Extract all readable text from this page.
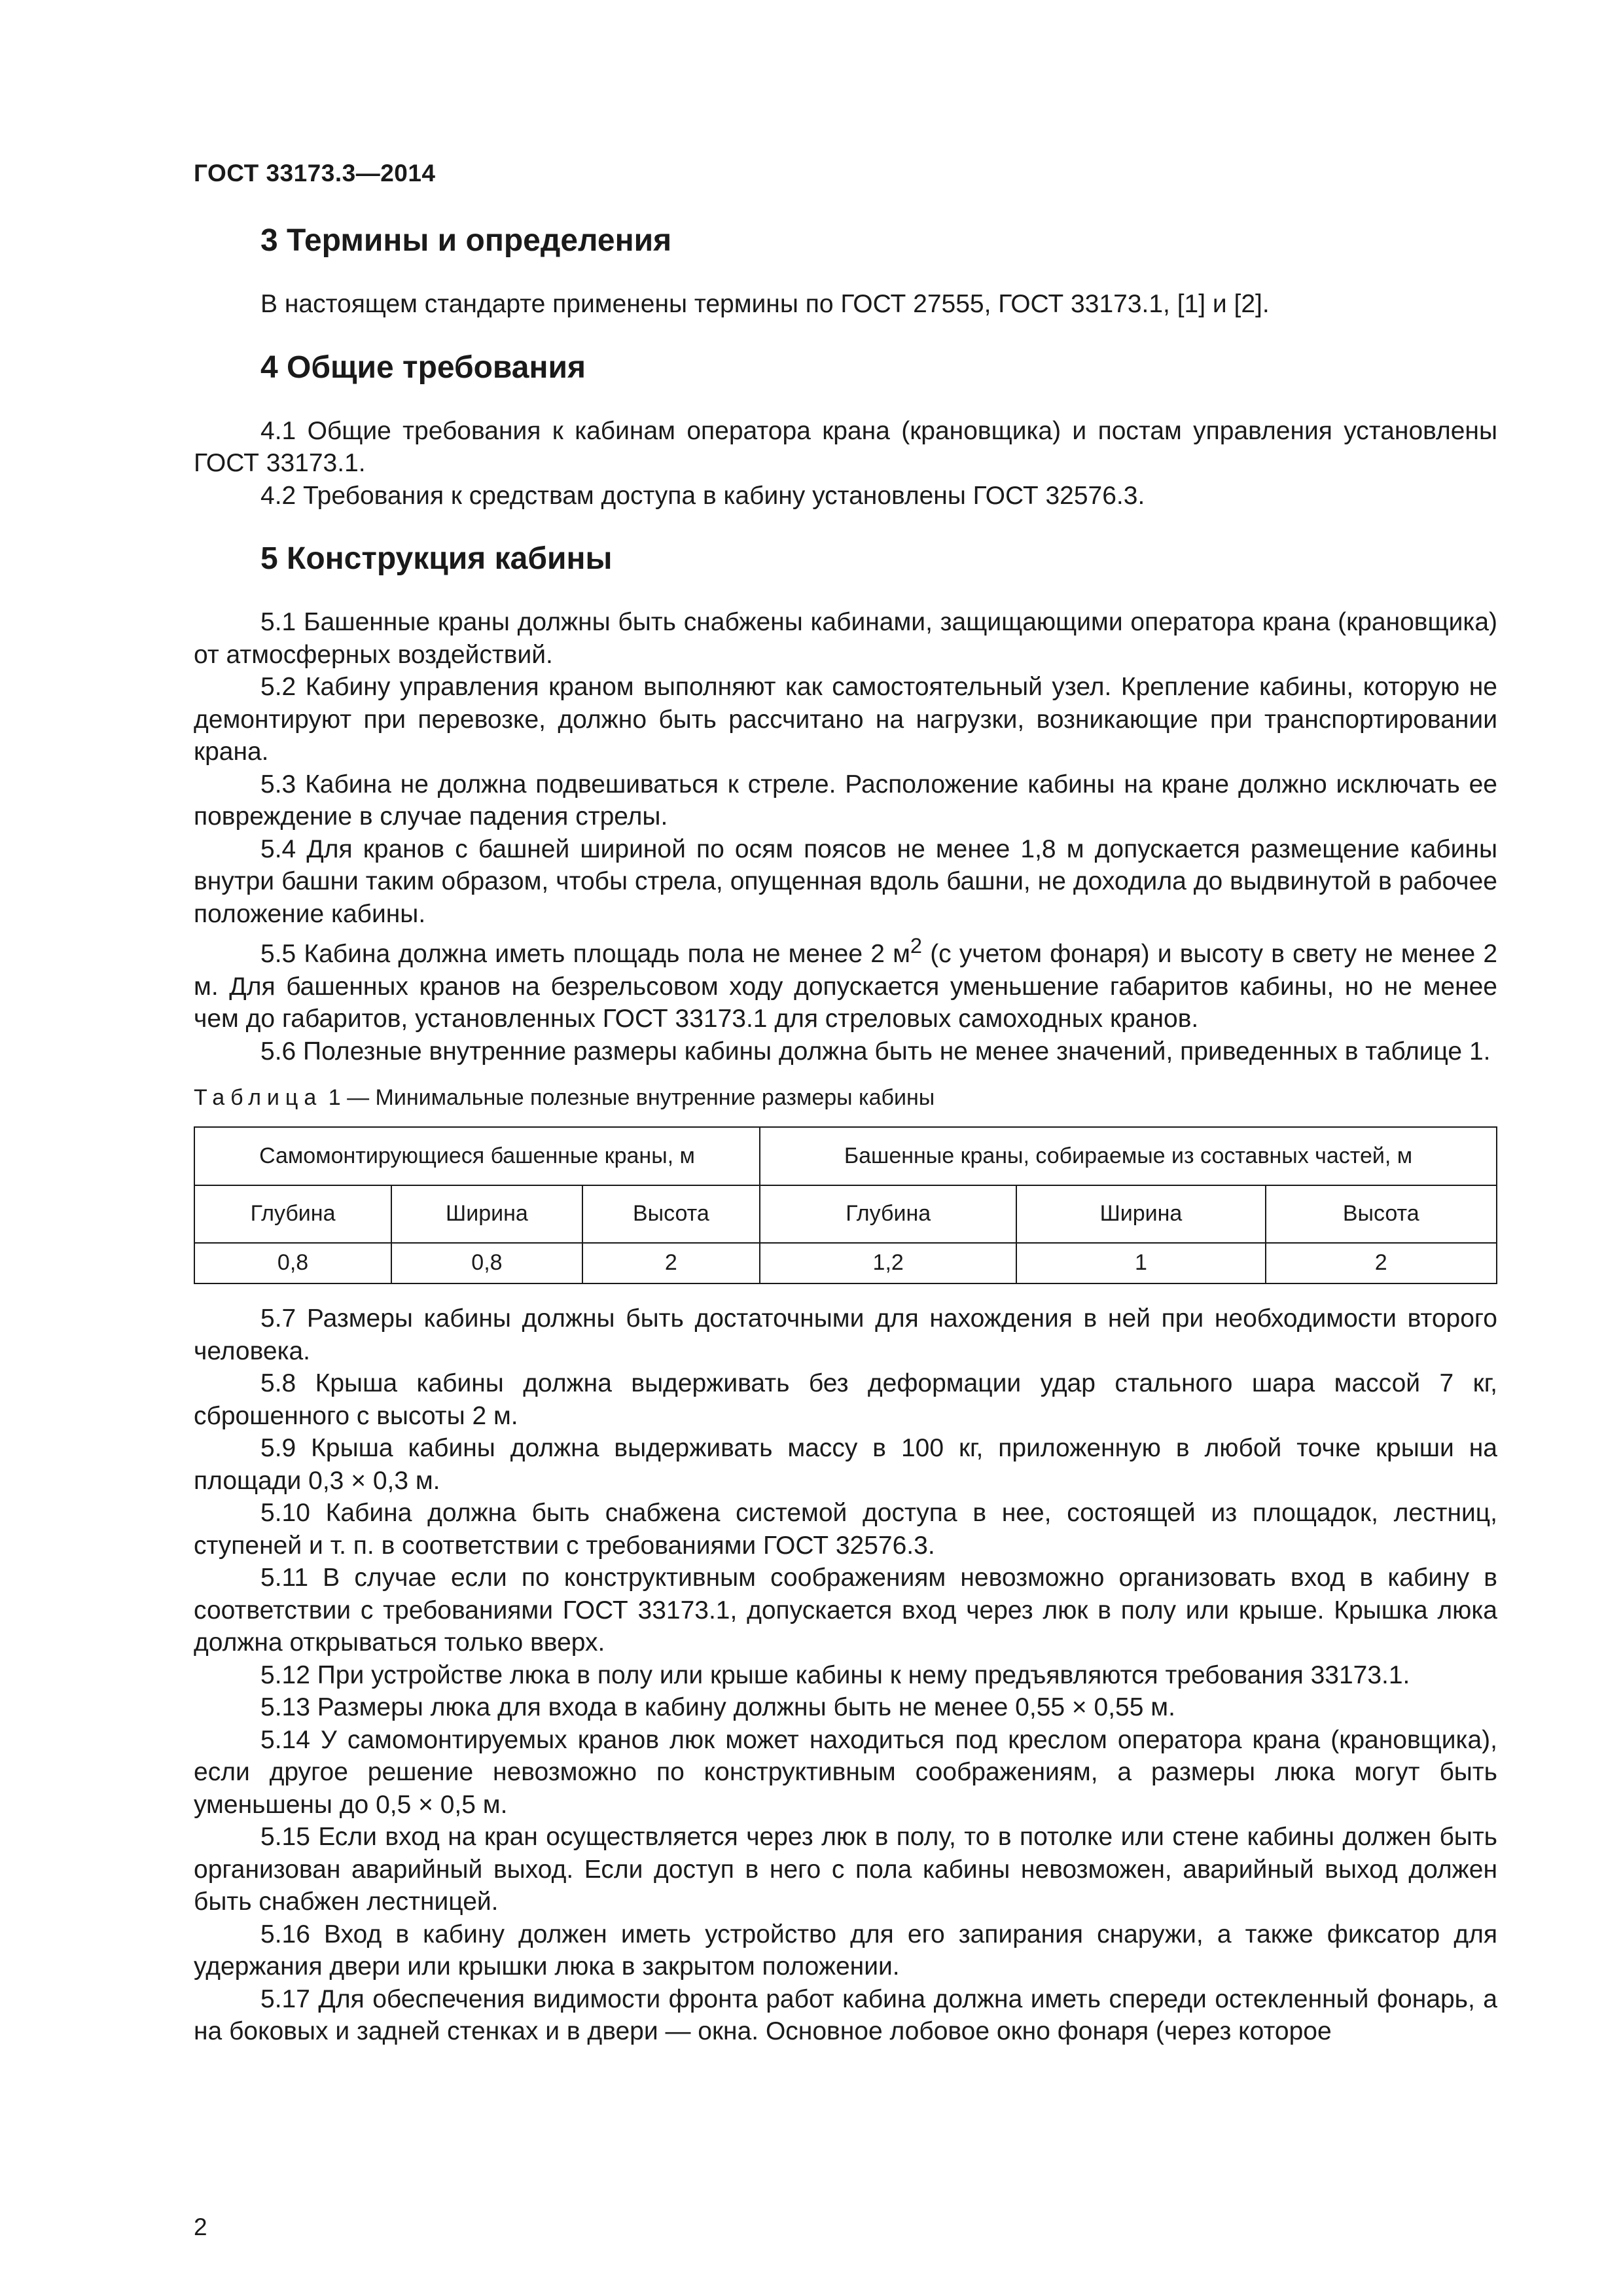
ГОСТ 33173.3—2014
3 Термины и определения

В настоящем стандарте применены термины по ГОСТ 27555, ГОСТ 33173.1, [1] и [2].

4 Общие требования

4.1 Общие требования к кабинам оператора крана (крановщика) и постам управления установлены ГОСТ 33173.1.

4.2 Требования к средствам доступа в кабину установлены ГОСТ 32576.3.

5 Конструкция кабины

5.1 Башенные краны должны быть снабжены кабинами, защищающими оператора крана (крановщика) от атмосферных воздействий.

5.2 Кабину управления краном выполняют как самостоятельный узел. Крепление кабины, которую не демонтируют при перевозке, должно быть рассчитано на нагрузки, возникающие при транспортировании крана.

5.3 Кабина не должна подвешиваться к стреле. Расположение кабины на кране должно исключать ее повреждение в случае падения стрелы.

5.4 Для кранов с башней шириной по осям поясов не менее 1,8 м допускается размещение кабины внутри башни таким образом, чтобы стрела, опущенная вдоль башни, не доходила до выдвинутой в рабочее положение кабины.

5.5 Кабина должна иметь площадь пола не менее 2 $м^2$ (с учетом фонаря) и высоту в свету не менее 2 м. Для башенных кранов на безрельсовом ходу допускается уменьшение габаритов кабины, но не менее чем до габаритов, установленных ГОСТ 33173.1 для стреловых самоходных кранов.

5.6 Полезные внутренние размеры кабины должна быть не менее значений, приведенных в таблице 1.

Таблица 1 — Минимальные полезные внутренние размеры кабины
Самомонтирующиеся башенные краны, м			Башенные краны, собираемые из составных частей, м		
Глубина	Ширина	Высота	Глубина	Ширина	Высота
0,8	0,8	2	1,2	1	2

5.7 Размеры кабины должны быть достаточными для нахождения в ней при необходимости второго человека.

5.8 Крыша кабины должна выдерживать без деформации удар стального шара массой 7 кг, сброшенного с высоты 2 м.

5.9 Крыша кабины должна выдерживать массу в 100 кг, приложенную в любой точке крыши на площади 0,3 × 0,3 м.

5.10 Кабина должна быть снабжена системой доступа в нее, состоящей из площадок, лестниц, ступеней и т. п. в соответствии с требованиями ГОСТ 32576.3.

5.11 В случае если по конструктивным соображениям невозможно организовать вход в кабину в соответствии с требованиями ГОСТ 33173.1, допускается вход через люк в полу или крыше. Крышка люка должна открываться только вверх.

5.12 При устройстве люка в полу или крыше кабины к нему предъявляются требования 33173.1.

5.13 Размеры люка для входа в кабину должны быть не менее 0,55 × 0,55 м.

5.14 У самомонтируемых кранов люк может находиться под креслом оператора крана (крановщика), если другое решение невозможно по конструктивным соображениям, а размеры люка могут быть уменьшены до 0,5 × 0,5 м.

5.15 Если вход на кран осуществляется через люк в полу, то в потолке или стене кабины должен быть организован аварийный выход. Если доступ в него с пола кабины невозможен, аварийный выход должен быть снабжен лестницей.

5.16 Вход в кабину должен иметь устройство для его запирания снаружи, а также фиксатор для удержания двери или крышки люка в закрытом положении.

5.17 Для обеспечения видимости фронта работ кабина должна иметь спереди остекленный фонарь, а на боковых и задней стенках и в двери — окна. Основное лобовое окно фонаря (через которое

2
